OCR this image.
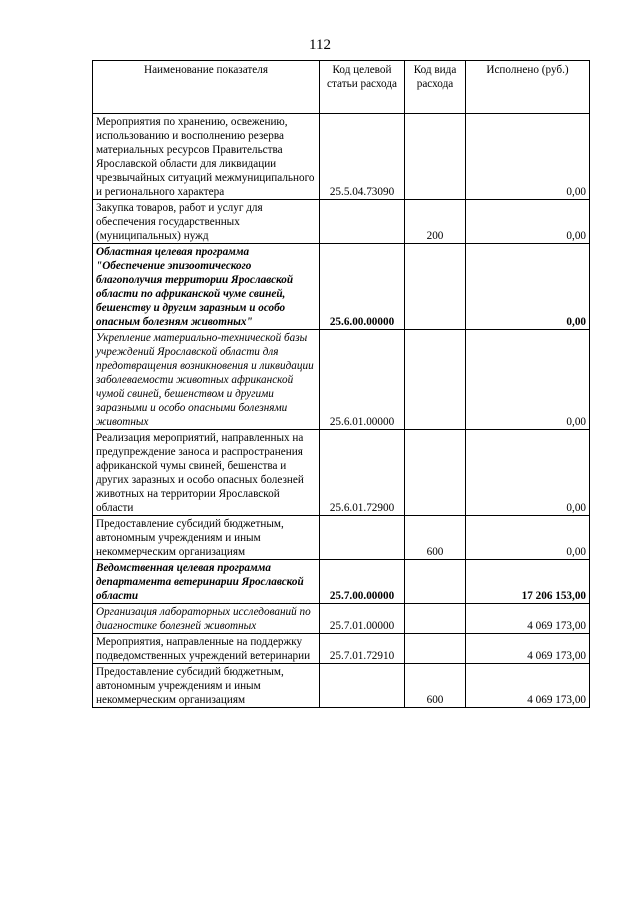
112
Наименование показателя	Код целевой статьи расхода	Код вида расхода	Исполнено (руб.)
Мероприятия по хранению, освежению, использованию и восполнению резерва материальных ресурсов Правительства Ярославской области для ликвидации чрезвычайных ситуаций межмуниципального и регионального характера	25.5.04.73090		0,00
Закупка товаров, работ и услуг для обеспечения государственных (муниципальных) нужд		200	0,00
Областная целевая программа "Обеспечение эпизоотического благополучия территории Ярославской области по африканской чуме свиней, бешенству и другим заразным и особо опасным болезням животных"	25.6.00.00000		0,00
Укрепление материально-технической базы учреждений Ярославской области для предотвращения возникновения и ликвидации заболеваемости животных африканской чумой свиней, бешенством и другими заразными и особо опасными болезнями животных	25.6.01.00000		0,00
Реализация мероприятий, направленных на предупреждение заноса и распространения африканской чумы свиней, бешенства и других заразных и особо опасных болезней животных на территории Ярославской области	25.6.01.72900		0,00
Предоставление субсидий бюджетным, автономным учреждениям и иным некоммерческим организациям		600	0,00
Ведомственная целевая программа департамента ветеринарии Ярославской области	25.7.00.00000		17 206 153,00
Организация лабораторных исследований по диагностике болезней животных	25.7.01.00000		4 069 173,00
Мероприятия, направленные на поддержку подведомственных учреждений ветеринарии	25.7.01.72910		4 069 173,00
Предоставление субсидий бюджетным, автономным учреждениям и иным некоммерческим организациям		600	4 069 173,00
